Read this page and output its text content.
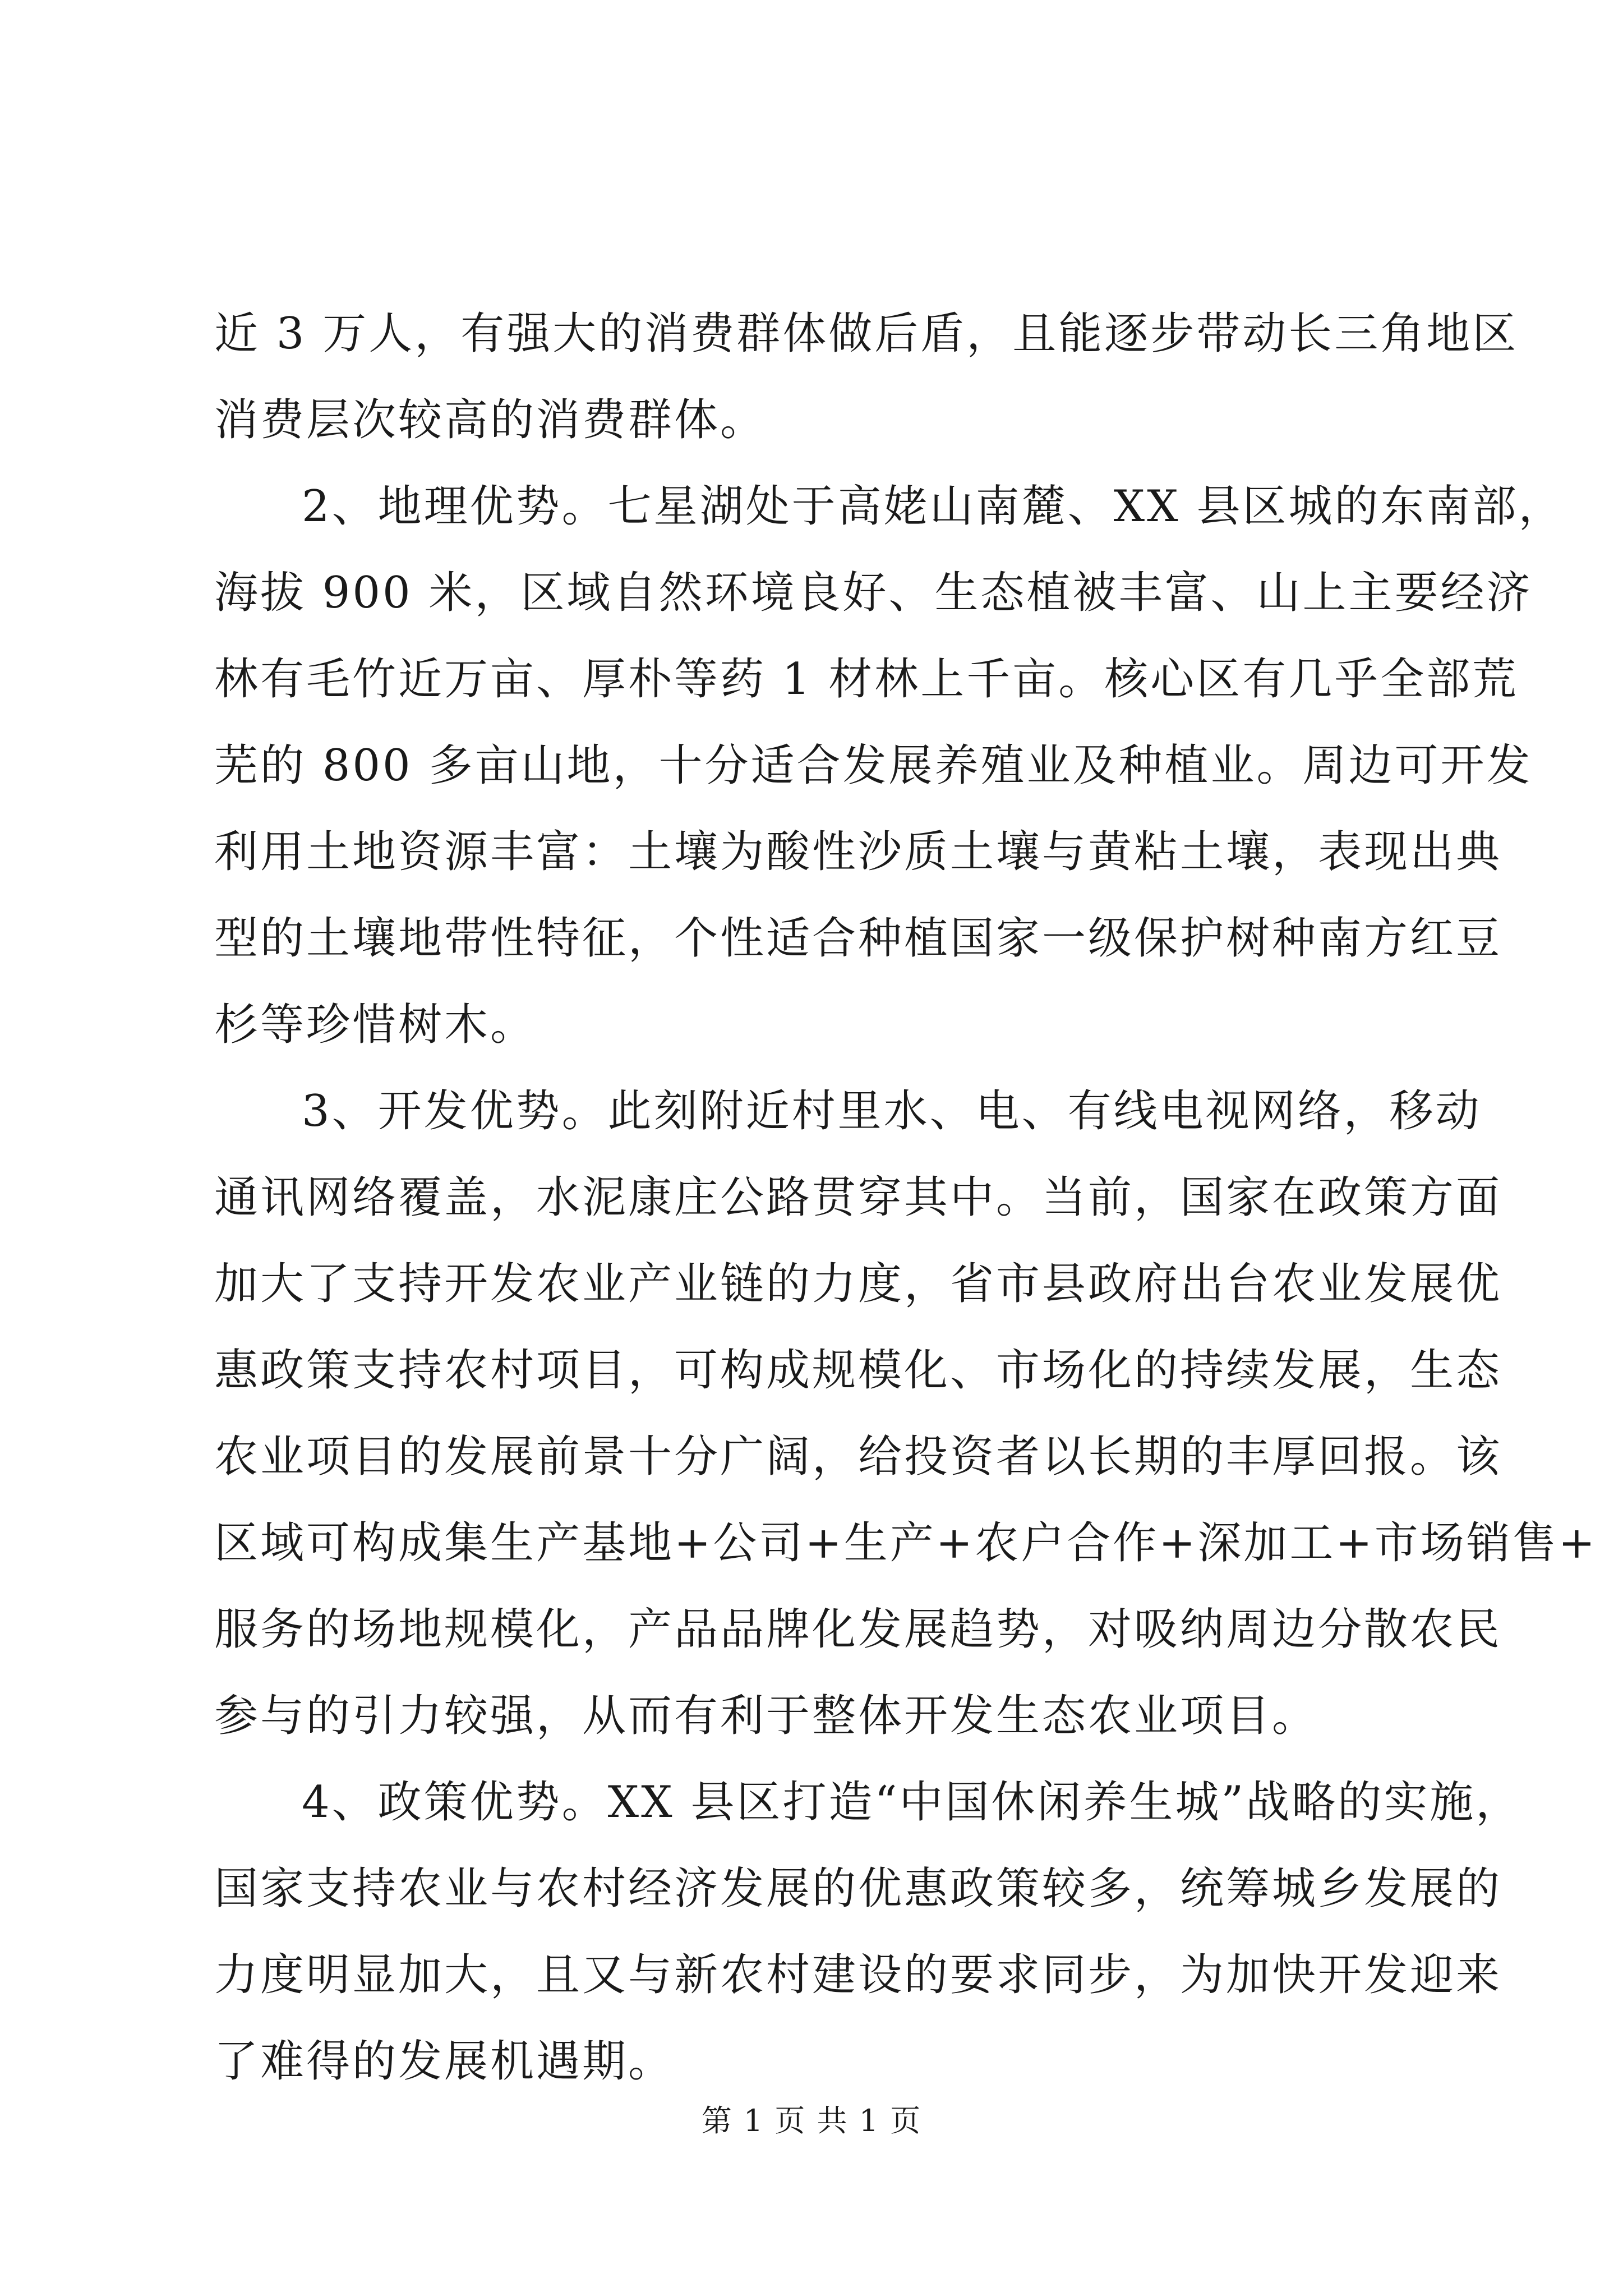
近 3 万人，有强大的消费群体做后盾，且能逐步带动长三角地区
消费层次较高的消费群体。
2、地理优势。七星湖处于高姥山南麓、XX 县区城的东南部，
海拔 900 米，区域自然环境良好、生态植被丰富、山上主要经济
林有毛竹近万亩、厚朴等药 1 材林上千亩。核心区有几乎全部荒
芜的 800 多亩山地，十分适合发展养殖业及种植业。周边可开发
利用土地资源丰富：土壤为酸性沙质土壤与黄粘土壤，表现出典
型的土壤地带性特征，个性适合种植国家一级保护树种南方红豆
杉等珍惜树木。
3、开发优势。此刻附近村里水、电、有线电视网络，移动
通讯网络覆盖，水泥康庄公路贯穿其中。当前，国家在政策方面
加大了支持开发农业产业链的力度，省市县政府出台农业发展优
惠政策支持农村项目，可构成规模化、市场化的持续发展，生态
农业项目的发展前景十分广阔，给投资者以长期的丰厚回报。该
区域可构成集生产基地+公司+生产+农户合作+深加工+市场销售+
服务的场地规模化，产品品牌化发展趋势，对吸纳周边分散农民
参与的引力较强，从而有利于整体开发生态农业项目。
4、政策优势。XX 县区打造“中国休闲养生城”战略的实施，
国家支持农业与农村经济发展的优惠政策较多，统筹城乡发展的
力度明显加大，且又与新农村建设的要求同步，为加快开发迎来
了难得的发展机遇期。
第 1 页 共 1 页
